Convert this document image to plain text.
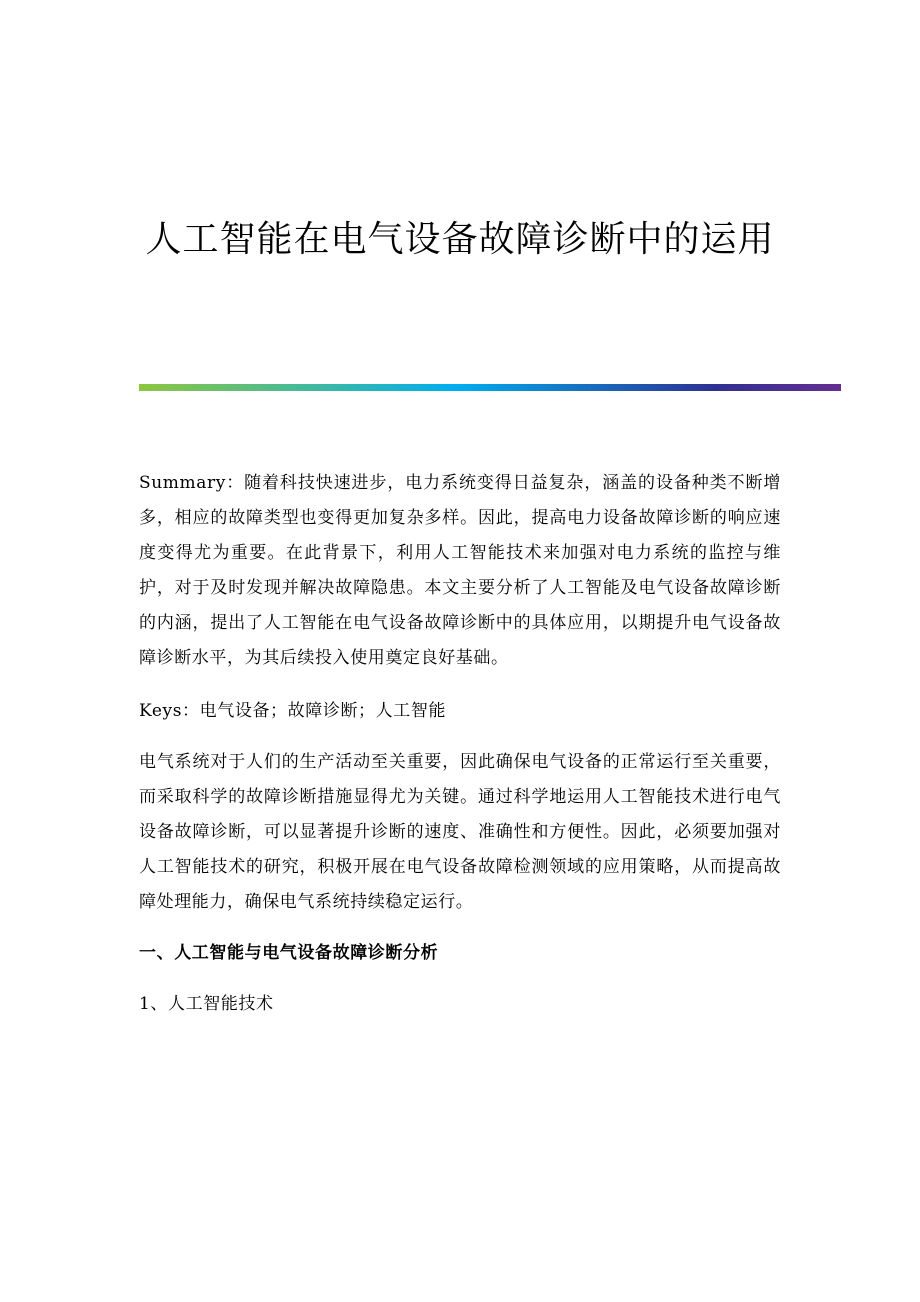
人工智能在电气设备故障诊断中的运用

Summary：随着科技快速进步，电力系统变得日益复杂，涵盖的设备种类不断增多，相应的故障类型也变得更加复杂多样。因此，提高电力设备故障诊断的响应速度变得尤为重要。在此背景下，利用人工智能技术来加强对电力系统的监控与维护，对于及时发现并解决故障隐患。本文主要分析了人工智能及电气设备故障诊断的内涵，提出了人工智能在电气设备故障诊断中的具体应用，以期提升电气设备故障诊断水平，为其后续投入使用奠定良好基础。

Keys：电气设备；故障诊断；人工智能

电气系统对于人们的生产活动至关重要，因此确保电气设备的正常运行至关重要，而采取科学的故障诊断措施显得尤为关键。通过科学地运用人工智能技术进行电气设备故障诊断，可以显著提升诊断的速度、准确性和方便性。因此，必须要加强对人工智能技术的研究，积极开展在电气设备故障检测领域的应用策略，从而提高故障处理能力，确保电气系统持续稳定运行。

一、人工智能与电气设备故障诊断分析

1、人工智能技术
